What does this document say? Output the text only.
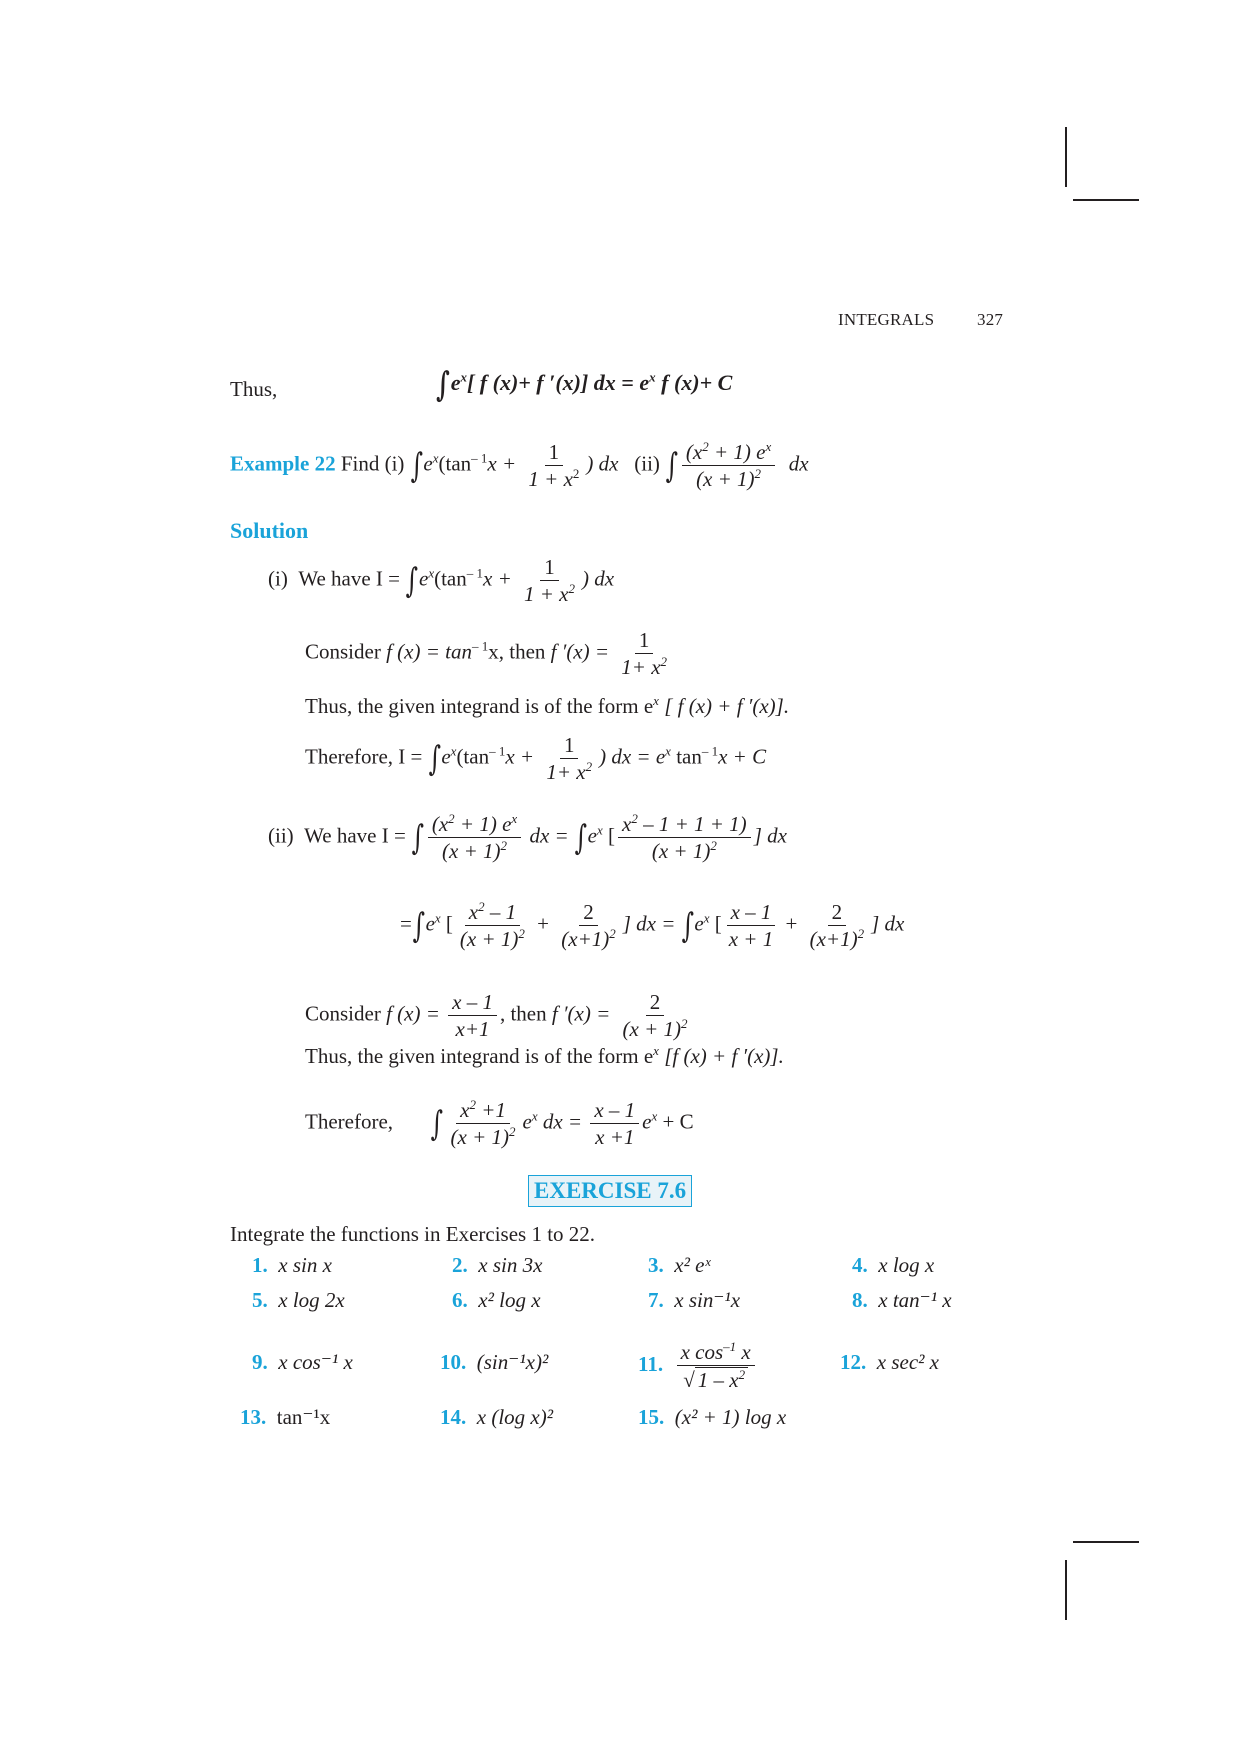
INTEGRALS	327
Thus,	$\int e^x$[ f (x)+ f ′(x)] dx = $e^x$ f (x)+ C
Example 22 Find (i) $\int e^x(\tan^{- 1}x + \frac{1}{1 + x^2}$ ) dx (ii) ∫ $\frac{(x^2 + 1) e^x}{(x + 1)^2}$ dx
Solution
(i) We have $I = \int e^x(\tan^{- 1}x + \frac{1}{1 + x^2}$ ) dx
Consider f $(x) = \tan^{- 1}x$, then f $'(x) = \frac{1}{1+ x^2}$
Thus, the given integrand is of the form $e^x$ [ f (x) + f ′(x)].
Therefore, $I = \int e^x(\tan^{- 1}x + \frac{1}{1+ x^2}$ ) dx = $e^x$ $\tan^{- 1}x + C$
(ii) We have I = ∫ $\frac{(x^2 + 1) e^x}{(x + 1)^2}$ dx = $\int e^x$ [ $\frac{x^2 - 1 + 1 + 1)}{(x + 1)^2}$ ] dx
$=\int e^x$ [ $\frac{x^2 - 1}{(x + 1)^2} + \frac{2}{(x+1)^2}$ ] dx = $\int e^x$ [ $\frac{x - 1}{x + 1} + \frac{2}{(x+1)^2}$ ] dx
Consider f $(x) = \frac{x - 1}{x+1}$ , then f $'(x) = \frac{2}{(x + 1)^2}$
Thus, the given integrand is of the form $e^x$ [f (x) + f ′(x)].
Therefore, ∫ $\frac{x^2 +1}{(x + 1)^2} e^x$ dx = $\frac{x - 1}{x +1} e^x + C$
EXERCISE 7.6
Integrate the functions in Exercises 1 to 22.
1. x sin x	2. x sin 3x	3. x² eˣ	4. x log x
5. x log 2x	6. x² log x	7. x sin⁻¹x	8. x tan⁻¹ x
9. x cos⁻¹ x	10. (sin⁻¹x)²	11. $\frac{x \cos^{-1} x}{√ 1 - x^2}$	12. x sec² x
13. tan⁻¹x	14. x (log x)²	15. (x² + 1) log x
